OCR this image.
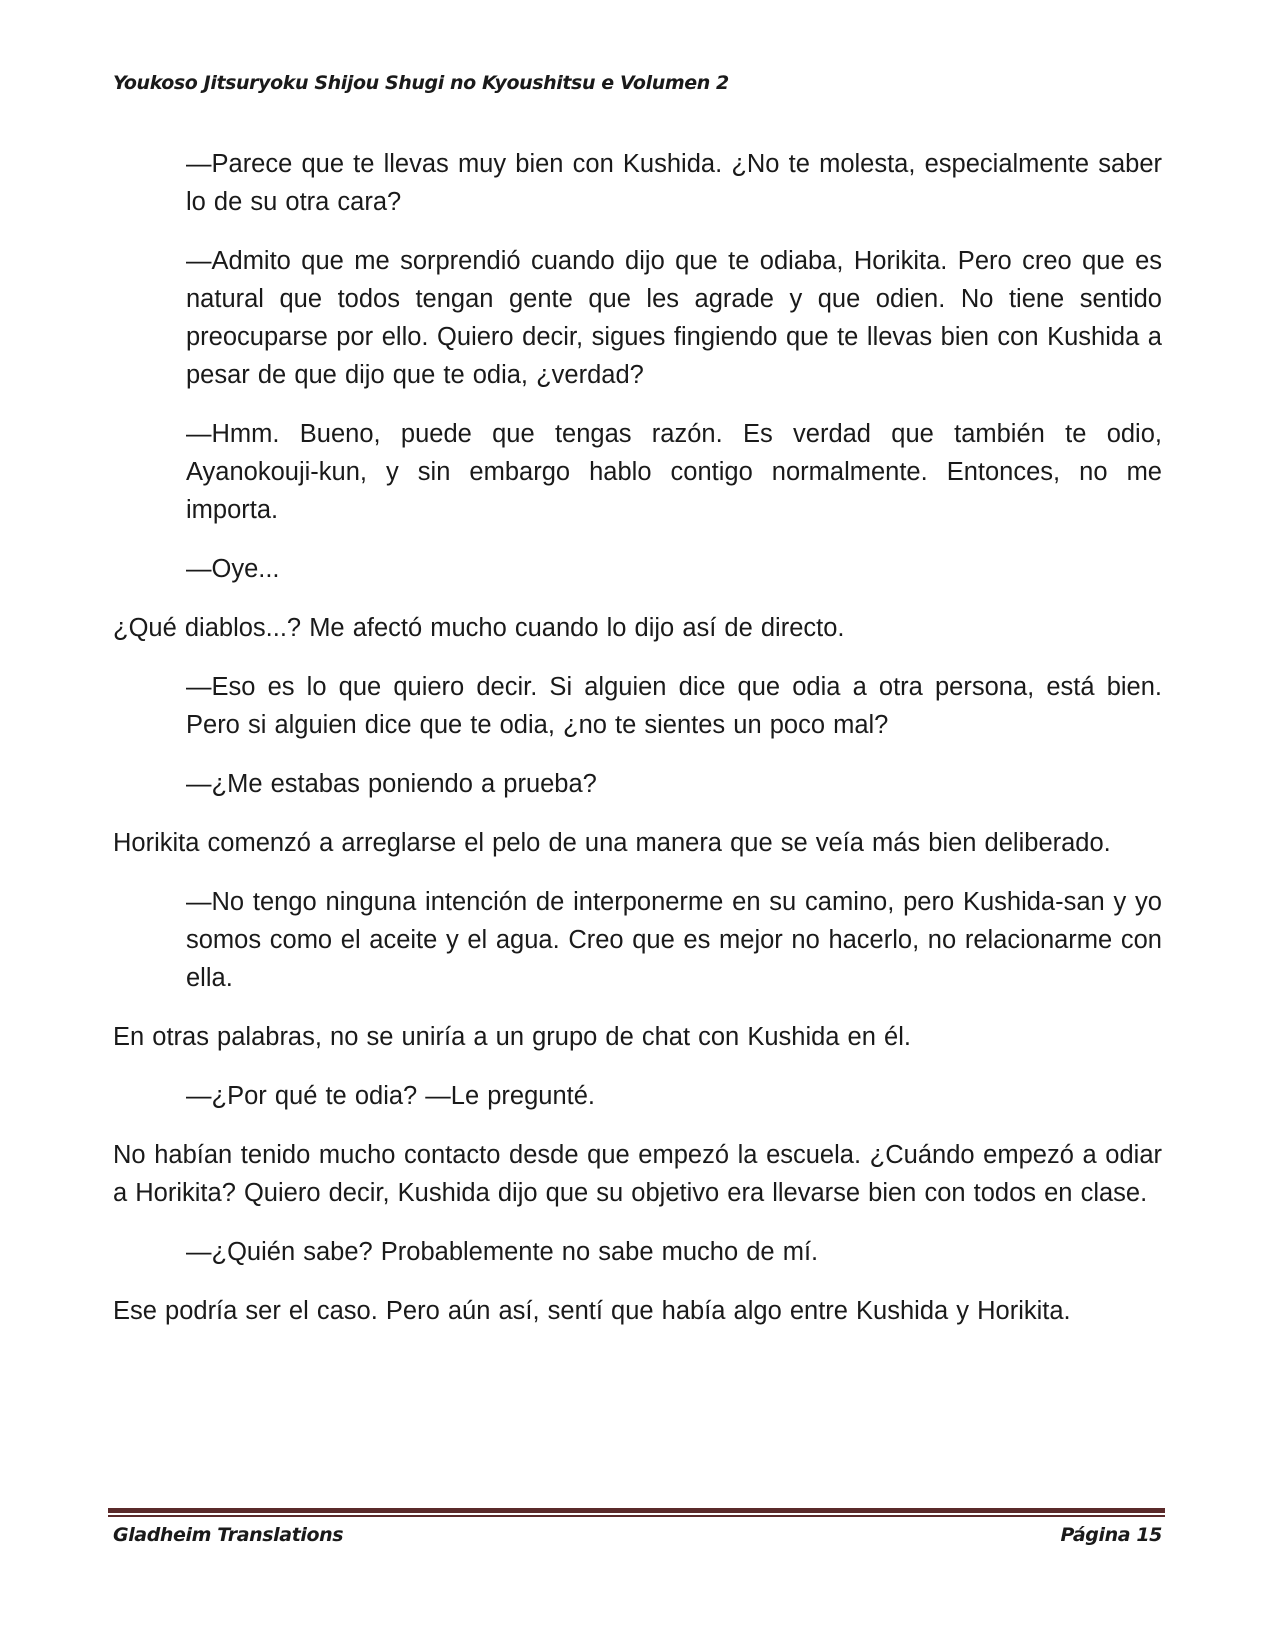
Youkoso Jitsuryoku Shijou Shugi no Kyoushitsu e Volumen 2

—Parece que te llevas muy bien con Kushida. ¿No te molesta, especialmente saber lo de su otra cara?

—Admito que me sorprendió cuando dijo que te odiaba, Horikita. Pero creo que es natural que todos tengan gente que les agrade y que odien. No tiene sentido preocuparse por ello. Quiero decir, sigues fingiendo que te llevas bien con Kushida a pesar de que dijo que te odia, ¿verdad?

—Hmm. Bueno, puede que tengas razón. Es verdad que también te odio, Ayanokouji-kun, y sin embargo hablo contigo normalmente. Entonces, no me importa.

—Oye...

¿Qué diablos...? Me afectó mucho cuando lo dijo así de directo.

—Eso es lo que quiero decir. Si alguien dice que odia a otra persona, está bien. Pero si alguien dice que te odia, ¿no te sientes un poco mal?

—¿Me estabas poniendo a prueba?

Horikita comenzó a arreglarse el pelo de una manera que se veía más bien deliberado.

—No tengo ninguna intención de interponerme en su camino, pero Kushida-san y yo somos como el aceite y el agua. Creo que es mejor no hacerlo, no relacionarme con ella.

En otras palabras, no se uniría a un grupo de chat con Kushida en él.

—¿Por qué te odia? —Le pregunté.

No habían tenido mucho contacto desde que empezó la escuela. ¿Cuándo empezó a odiar a Horikita? Quiero decir, Kushida dijo que su objetivo era llevarse bien con todos en clase.

—¿Quién sabe? Probablemente no sabe mucho de mí.

Ese podría ser el caso. Pero aún así, sentí que había algo entre Kushida y Horikita.

Gladheim Translations	Página 15
